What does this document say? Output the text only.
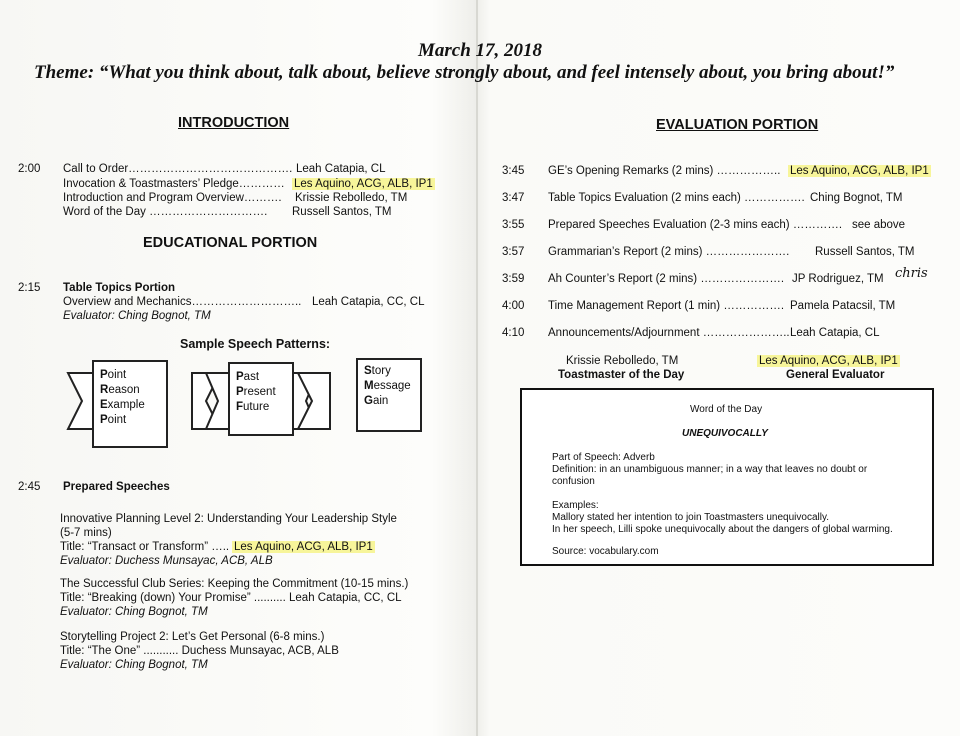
March 17, 2018
Theme: “What you think about, talk about, believe strongly about, and feel intensely about, you bring about!”
INTRODUCTION
2:00 Call to Order……………………………………. Leah Catapia, CL
Invocation & Toastmasters’ Pledge………… Les Aquino, ACG, ALB, IP1
Introduction and Program Overview………. Krissie Rebolledo, TM
Word of the Day …………………………. Russell Santos, TM
EDUCATIONAL PORTION
2:15 Table Topics Portion
Overview and Mechanics……………………….. Leah Catapia, CC, CL
Evaluator: Ching Bognot, TM
Sample Speech Patterns:
Point
Reason
Example
Point
Past
Present
Future
Story
Message
Gain
2:45 Prepared Speeches
Innovative Planning Level 2: Understanding Your Leadership Style
(5-7 mins)
Title: “Transact or Transform” ….. Les Aquino, ACG, ALB, IP1
Evaluator: Duchess Munsayac, ACB, ALB
The Successful Club Series: Keeping the Commitment (10-15 mins.)
Title: “Breaking (down) Your Promise” .......... Leah Catapia, CC, CL
Evaluator: Ching Bognot, TM
Storytelling Project 2: Let’s Get Personal (6-8 mins.)
Title: “The One” ........... Duchess Munsayac, ACB, ALB
Evaluator: Ching Bognot, TM
EVALUATION PORTION
3:45 GE’s Opening Remarks (2 mins) …………….. Les Aquino, ACG, ALB, IP1
3:47 Table Topics Evaluation (2 mins each) ……………. Ching Bognot, TM
3:55 Prepared Speeches Evaluation (2-3 mins each) …………. see above
3:57 Grammarian’s Report (2 mins) …………………. Russell Santos, TM
3:59 Ah Counter’s Report (2 mins) …………………. JP Rodriguez, TM chris
4:00 Time Management Report (1 min) ……………. Pamela Patacsil, TM
4:10 Announcements/Adjournment ………………….. Leah Catapia, CL
Krissie Rebolledo, TM
Toastmaster of the Day
Les Aquino, ACG, ALB, IP1
General Evaluator
Word of the Day
UNEQUIVOCALLY
Part of Speech: Adverb
Definition: in an unambiguous manner; in a way that leaves no doubt or
confusion
Examples:
Mallory stated her intention to join Toastmasters unequivocally.
In her speech, Lilli spoke unequivocally about the dangers of global warming.
Source: vocabulary.com
